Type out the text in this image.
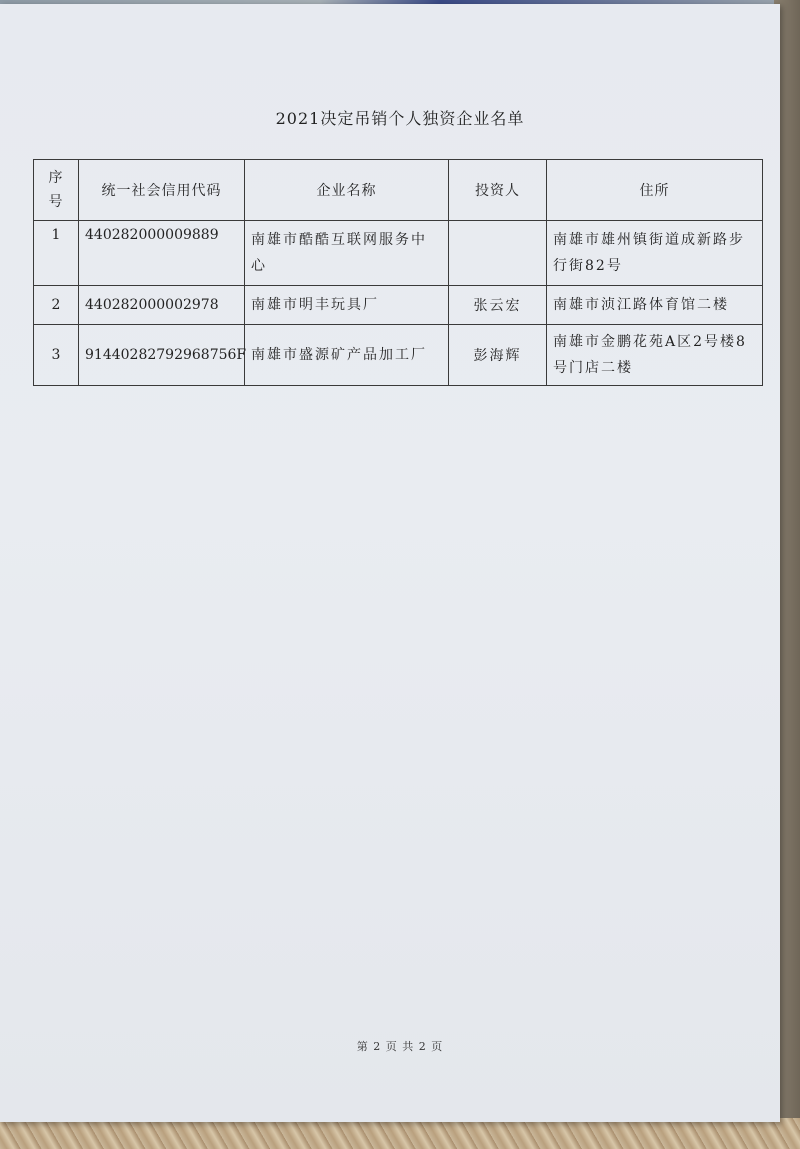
2021决定吊销个人独资企业名单
序
号	统一社会信用代码	企业名称	投资人	住所
1	440282000009889	南雄市酷酷互联网服务中心		南雄市雄州镇街道成新路步行街82号
2	440282000002978	南雄市明丰玩具厂	张云宏	南雄市浈江路体育馆二楼
3	91440282792968756F	南雄市盛源矿产品加工厂	彭海辉	南雄市金鹏花苑A区2号楼8号门店二楼
第 2 页 共 2 页
